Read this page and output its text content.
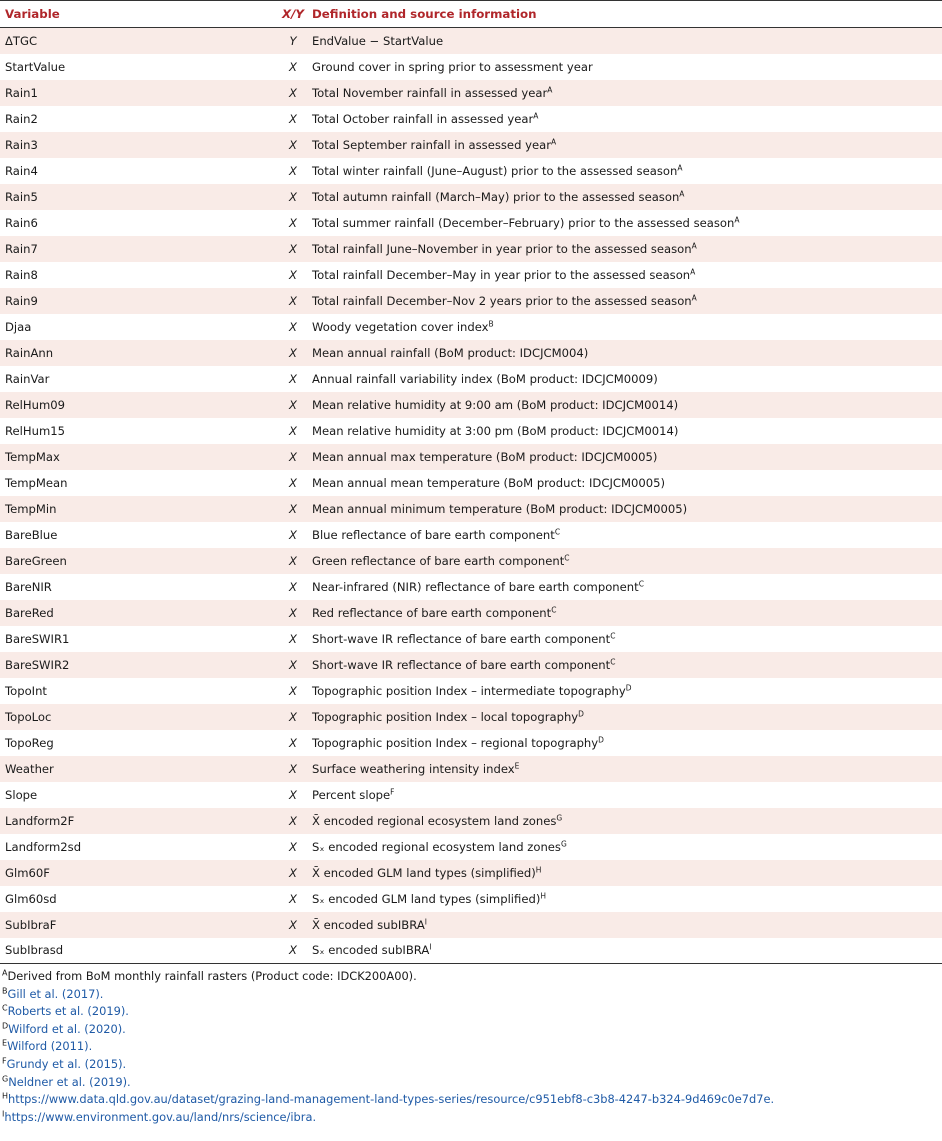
Variable	X/Y	Definition and source information
ΔTGC	Y	EndValue − StartValue
StartValue	X	Ground cover in spring prior to assessment year
Rain1	X	Total November rainfall in assessed year$^A$
Rain2	X	Total October rainfall in assessed year$^A$
Rain3	X	Total September rainfall in assessed year$^A$
Rain4	X	Total winter rainfall (June–August) prior to the assessed season$^A$
Rain5	X	Total autumn rainfall (March–May) prior to the assessed season$^A$
Rain6	X	Total summer rainfall (December–February) prior to the assessed season$^A$
Rain7	X	Total rainfall June–November in year prior to the assessed season$^A$
Rain8	X	Total rainfall December–May in year prior to the assessed season$^A$
Rain9	X	Total rainfall December–Nov 2 years prior to the assessed season$^A$
Djaa	X	Woody vegetation cover index$^B$
RainAnn	X	Mean annual rainfall (BoM product: IDCJCM004)
RainVar	X	Annual rainfall variability index (BoM product: IDCJCM0009)
RelHum09	X	Mean relative humidity at 9:00 am (BoM product: IDCJCM0014)
RelHum15	X	Mean relative humidity at 3:00 pm (BoM product: IDCJCM0014)
TempMax	X	Mean annual max temperature (BoM product: IDCJCM0005)
TempMean	X	Mean annual mean temperature (BoM product: IDCJCM0005)
TempMin	X	Mean annual minimum temperature (BoM product: IDCJCM0005)
BareBlue	X	Blue reflectance of bare earth component$^C$
BareGreen	X	Green reflectance of bare earth component$^C$
BareNIR	X	Near-infrared (NIR) reflectance of bare earth component$^C$
BareRed	X	Red reflectance of bare earth component$^C$
BareSWIR1	X	Short-wave IR reflectance of bare earth component$^C$
BareSWIR2	X	Short-wave IR reflectance of bare earth component$^C$
TopoInt	X	Topographic position Index – intermediate topography$^D$
TopoLoc	X	Topographic position Index – local topography$^D$
TopoReg	X	Topographic position Index – regional topography$^D$
Weather	X	Surface weathering intensity index$^E$
Slope	X	Percent slope$^F$
Landform2F	X	X̄ encoded regional ecosystem land zones$^G$
Landform2sd	X	Sₓ encoded regional ecosystem land zones$^G$
Glm60F	X	X̄ encoded GLM land types (simplified)$^H$
Glm60sd	X	Sₓ encoded GLM land types (simplified)$^H$
SubIbraF	X	X̄ encoded subIBRA$^I$
SubIbrasd	X	Sₓ encoded subIBRA$^I$
$^A$Derived from BoM monthly rainfall rasters (Product code: IDCK200A00).
$^B$Gill et al. (2017).
$^C$Roberts et al. (2019).
$^D$Wilford et al. (2020).
$^E$Wilford (2011).
$^F$Grundy et al. (2015).
$^G$Neldner et al. (2019).
$^H$https://www.data.qld.gov.au/dataset/grazing-land-management-land-types-series/resource/c951ebf8-c3b8-4247-b324-9d469c0e7d7e.
$^I$https://www.environment.gov.au/land/nrs/science/ibra.
